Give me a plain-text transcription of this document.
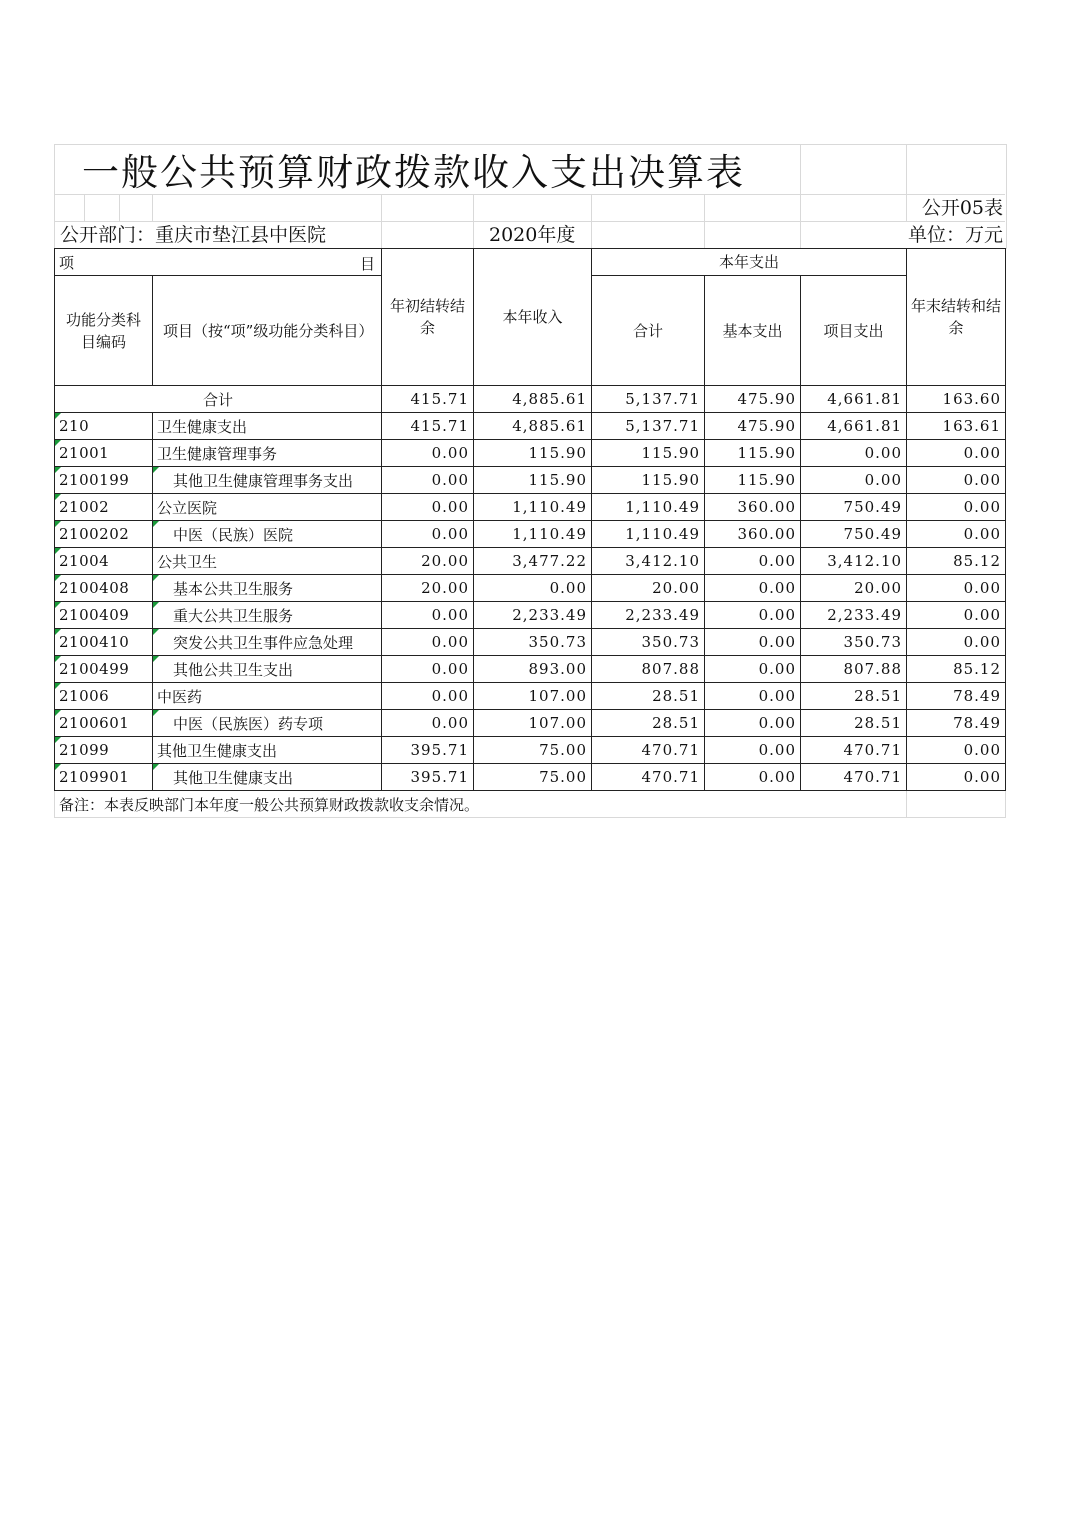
一般公共预算财政拨款收入支出决算表
公开05表
公开部门：重庆市垫江县中医院	2020年度	单位：万元
项 目		年初结转结余	本年收入	本年支出			年末结转和结余
功能分类科目编码	项目（按“项”级功能分类科目）			合计	基本支出	项目支出	
合计		415.71	4,885.61	5,137.71	475.90	4,661.81	163.60
210	卫生健康支出	415.71	4,885.61	5,137.71	475.90	4,661.81	163.61
21001	卫生健康管理事务	0.00	115.90	115.90	115.90	0.00	0.00
2100199	其他卫生健康管理事务支出	0.00	115.90	115.90	115.90	0.00	0.00
21002	公立医院	0.00	1,110.49	1,110.49	360.00	750.49	0.00
2100202	中医（民族）医院	0.00	1,110.49	1,110.49	360.00	750.49	0.00
21004	公共卫生	20.00	3,477.22	3,412.10	0.00	3,412.10	85.12
2100408	基本公共卫生服务	20.00	0.00	20.00	0.00	20.00	0.00
2100409	重大公共卫生服务	0.00	2,233.49	2,233.49	0.00	2,233.49	0.00
2100410	突发公共卫生事件应急处理	0.00	350.73	350.73	0.00	350.73	0.00
2100499	其他公共卫生支出	0.00	893.00	807.88	0.00	807.88	85.12
21006	中医药	0.00	107.00	28.51	0.00	28.51	78.49
2100601	中医（民族医）药专项	0.00	107.00	28.51	0.00	28.51	78.49
21099	其他卫生健康支出	395.71	75.00	470.71	0.00	470.71	0.00
2109901	其他卫生健康支出	395.71	75.00	470.71	0.00	470.71	0.00
备注：本表反映部门本年度一般公共预算财政拨款收支余情况。							
